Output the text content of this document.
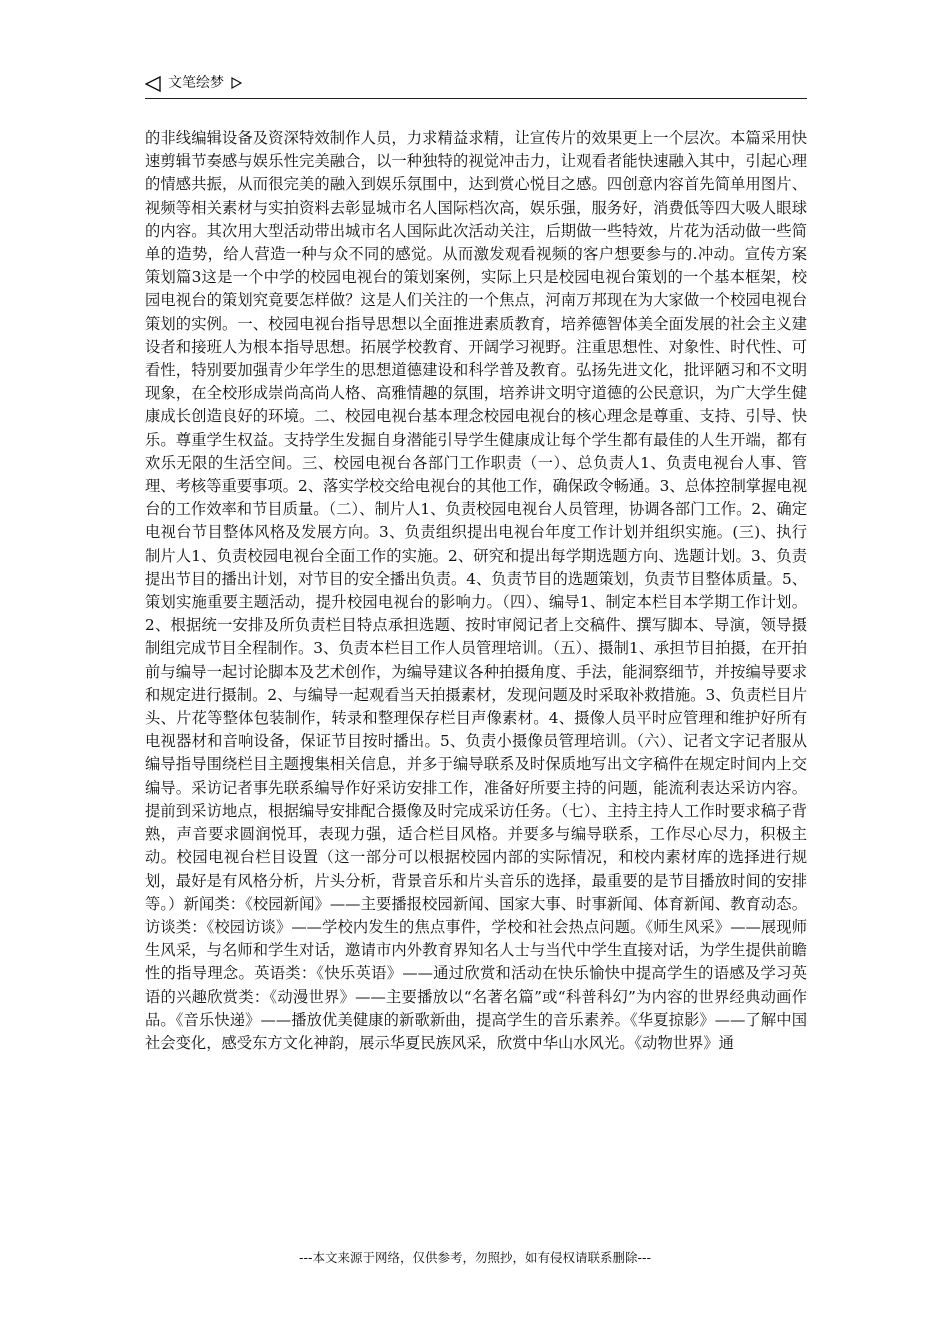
文笔绘梦

的非线编辑设备及资深特效制作人员，力求精益求精，让宣传片的效果更上一个层次。本篇采用快速剪辑节奏感与娱乐性完美融合，以一种独特的视觉冲击力，让观看者能快速融入其中，引起心理的情感共振，从而很完美的融入到娱乐氛围中，达到赏心悦目之感。四创意内容首先简单用图片、视频等相关素材与实拍资料去彰显城市名人国际档次高，娱乐强，服务好，消费低等四大吸人眼球的内容。其次用大型活动带出城市名人国际此次活动关注，后期做一些特效，片花为活动做一些简单的造势，给人营造一种与众不同的感觉。从而激发观看视频的客户想要参与的.冲动。宣传方案策划篇3这是一个中学的校园电视台的策划案例，实际上只是校园电视台策划的一个基本框架，校园电视台的策划究竟要怎样做？这是人们关注的一个焦点，河南万邦现在为大家做一个校园电视台策划的实例。一、校园电视台指导思想以全面推进素质教育，培养德智体美全面发展的社会主义建设者和接班人为根本指导思想。拓展学校教育、开阔学习视野。注重思想性、对象性、时代性、可看性，特别要加强青少年学生的思想道德建设和科学普及教育。弘扬先进文化，批评陋习和不文明现象，在全校形成崇尚高尚人格、高雅情趣的氛围，培养讲文明守道德的公民意识，为广大学生健康成长创造良好的环境。二、校园电视台基本理念校园电视台的核心理念是尊重、支持、引导、快乐。尊重学生权益。支持学生发掘自身潜能引导学生健康成让每个学生都有最佳的人生开端，都有欢乐无限的生活空间。三、校园电视台各部门工作职责（一）、总负责人1、负责电视台人事、管理、考核等重要事项。2、落实学校交给电视台的其他工作，确保政令畅通。3、总体控制掌握电视台的工作效率和节目质量。（二）、制片人1、负责校园电视台人员管理，协调各部门工作。2、确定电视台节目整体风格及发展方向。3、负责组织提出电视台年度工作计划并组织实施。(三)、执行制片人1、负责校园电视台全面工作的实施。2、研究和提出每学期选题方向、选题计划。3、负责提出节目的播出计划，对节目的安全播出负责。4、负责节目的选题策划，负责节目整体质量。5、策划实施重要主题活动，提升校园电视台的影响力。（四）、编导1、制定本栏目本学期工作计划。2、根据统一安排及所负责栏目特点承担选题、按时审阅记者上交稿件、撰写脚本、导演，领导摄制组完成节目全程制作。3、负责本栏目工作人员管理培训。（五）、摄制1、承担节目拍摄，在开拍前与编导一起讨论脚本及艺术创作，为编导建议各种拍摄角度、手法，能洞察细节，并按编导要求和规定进行摄制。2、与编导一起观看当天拍摄素材，发现问题及时采取补救措施。3、负责栏目片头、片花等整体包装制作，转录和整理保存栏目声像素材。4、摄像人员平时应管理和维护好所有电视器材和音响设备，保证节目按时播出。5、负责小摄像员管理培训。（六）、记者文字记者服从编导指导围绕栏目主题搜集相关信息，并多于编导联系及时保质地写出文字稿件在规定时间内上交编导。采访记者事先联系编导作好采访安排工作，准备好所要主持的问题，能流利表达采访内容。提前到采访地点，根据编导安排配合摄像及时完成采访任务。（七）、主持主持人工作时要求稿子背熟，声音要求圆润悦耳，表现力强，适合栏目风格。并要多与编导联系，工作尽心尽力，积极主动。校园电视台栏目设置（这一部分可以根据校园内部的实际情况，和校内素材库的选择进行规划，最好是有风格分析，片头分析，背景音乐和片头音乐的选择，最重要的是节目播放时间的安排等。）新闻类：《校园新闻》——主要播报校园新闻、国家大事、时事新闻、体育新闻、教育动态。访谈类：《校园访谈》——学校内发生的焦点事件，学校和社会热点问题。《师生风采》——展现师生风采，与名师和学生对话，邀请市内外教育界知名人士与当代中学生直接对话，为学生提供前瞻性的指导理念。英语类：《快乐英语》——通过欣赏和活动在快乐愉快中提高学生的语感及学习英语的兴趣欣赏类：《动漫世界》——主要播放以“名著名篇”或“科普科幻”为内容的世界经典动画作品。《音乐快递》——播放优美健康的新歌新曲，提高学生的音乐素养。《华夏掠影》——了解中国社会变化，感受东方文化神韵，展示华夏民族风采，欣赏中华山水风光。《动物世界》通

---本文来源于网络，仅供参考，勿照抄，如有侵权请联系删除---
